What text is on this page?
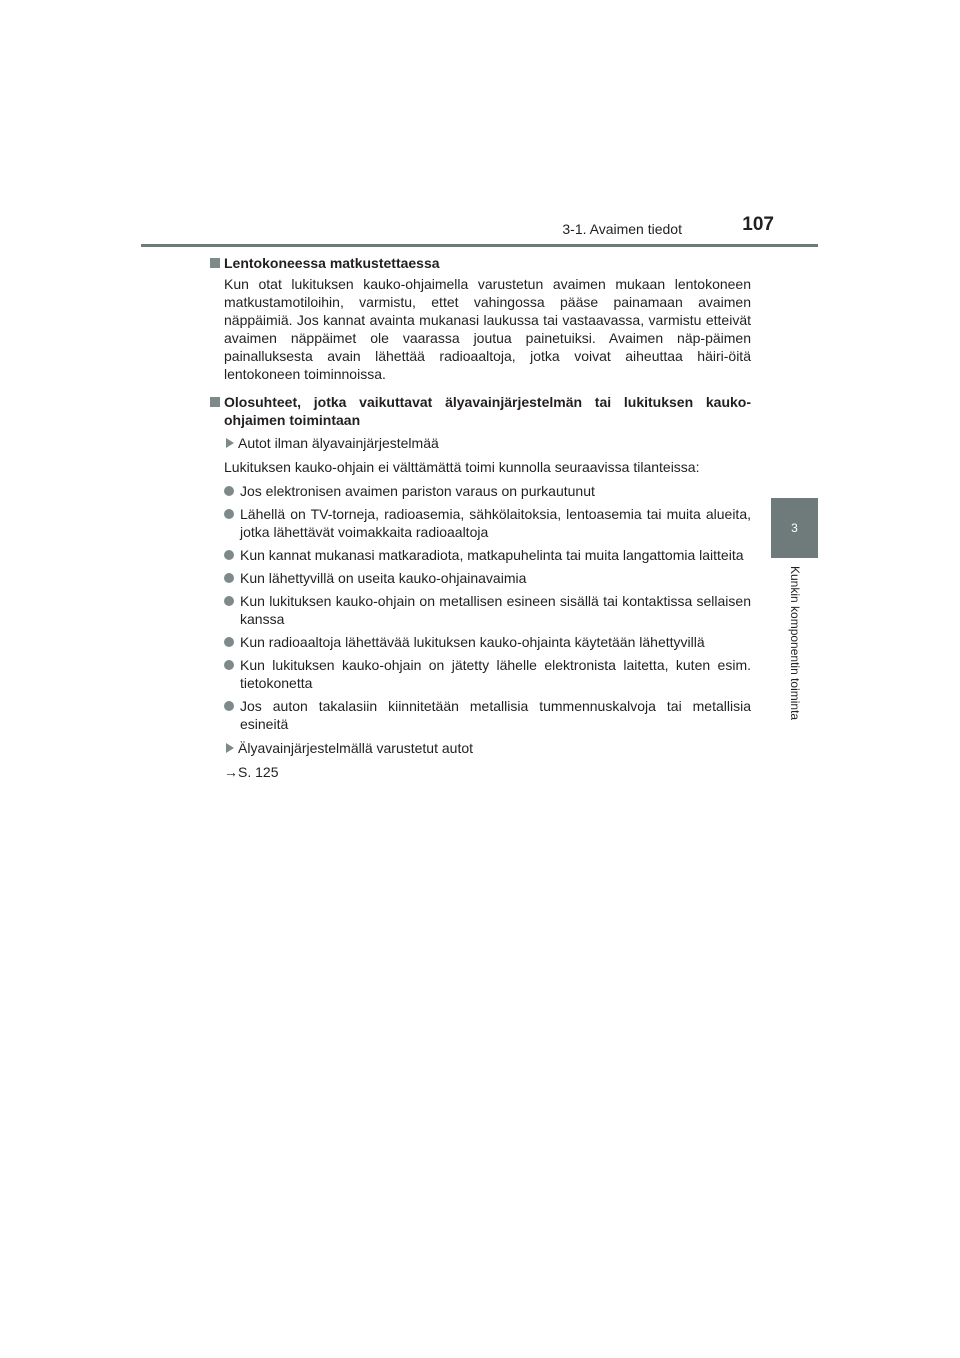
3-1. Avaimen tiedot	107
3
Kunkin komponentin toiminta
Lentokoneessa matkustettaessa
Kun otat lukituksen kauko-ohjaimella varustetun avaimen mukaan lentokoneen matkustamotiloihin, varmistu, ettet vahingossa pääse painamaan avaimen näppäimiä. Jos kannat avainta mukanasi laukussa tai vastaavassa, varmistu etteivät avaimen näppäimet ole vaarassa joutua painetuiksi. Avaimen näp-päimen painalluksesta avain lähettää radioaaltoja, jotka voivat aiheuttaa häiri-öitä lentokoneen toiminnoissa.
Olosuhteet, jotka vaikuttavat älyavainjärjestelmän tai lukituksen kauko-ohjaimen toimintaan
Autot ilman älyavainjärjestelmää
Lukituksen kauko-ohjain ei välttämättä toimi kunnolla seuraavissa tilanteissa:
Jos elektronisen avaimen pariston varaus on purkautunut
Lähellä on TV-torneja, radioasemia, sähkölaitoksia, lentoasemia tai muita alueita, jotka lähettävät voimakkaita radioaaltoja
Kun kannat mukanasi matkaradiota, matkapuhelinta tai muita langattomia laitteita
Kun lähettyvillä on useita kauko-ohjainavaimia
Kun lukituksen kauko-ohjain on metallisen esineen sisällä tai kontaktissa sellaisen kanssa
Kun radioaaltoja lähettävää lukituksen kauko-ohjainta käytetään lähettyvillä
Kun lukituksen kauko-ohjain on jätetty lähelle elektronista laitetta, kuten esim. tietokonetta
Jos auton takalasiin kiinnitetään metallisia tummennuskalvoja tai metallisia esineitä
Älyavainjärjestelmällä varustetut autot
→S. 125
